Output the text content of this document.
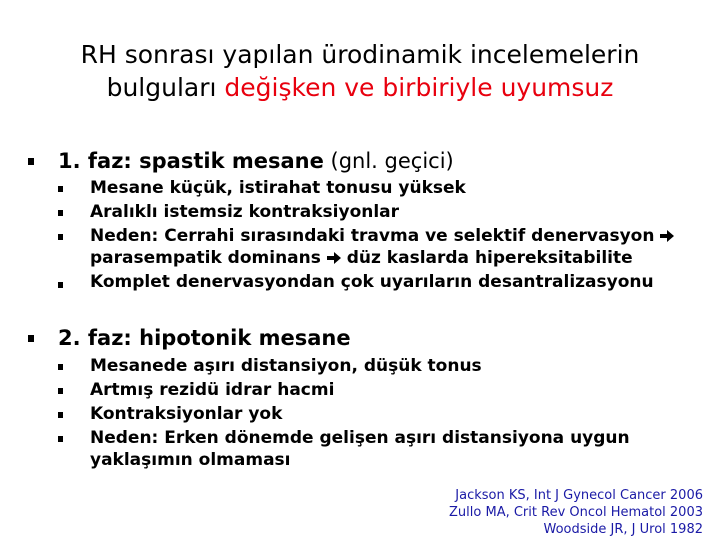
RH sonrası yapılan ürodinamik incelemelerin
bulguları değişken ve birbiriyle uyumsuz
1. faz: spastik mesane (gnl. geçici)
Mesane küçük, istirahat tonusu yüksek
Aralıklı istemsiz kontraksiyonlar
Neden: Cerrahi sırasındaki travma ve selektif denervasyon
parasempatik dominans düz kaslarda hipereksitabilite
Komplet denervasyondan çok uyarıların desantralizasyonu
2. faz: hipotonik mesane
Mesanede aşırı distansiyon, düşük tonus
Artmış rezidü idrar hacmi
Kontraksiyonlar yok
Neden: Erken dönemde gelişen aşırı distansiyona uygun yaklaşımın olmaması
Jackson KS, Int J Gynecol Cancer 2006
Zullo MA, Crit Rev Oncol Hematol 2003
Woodside JR, J Urol 1982
